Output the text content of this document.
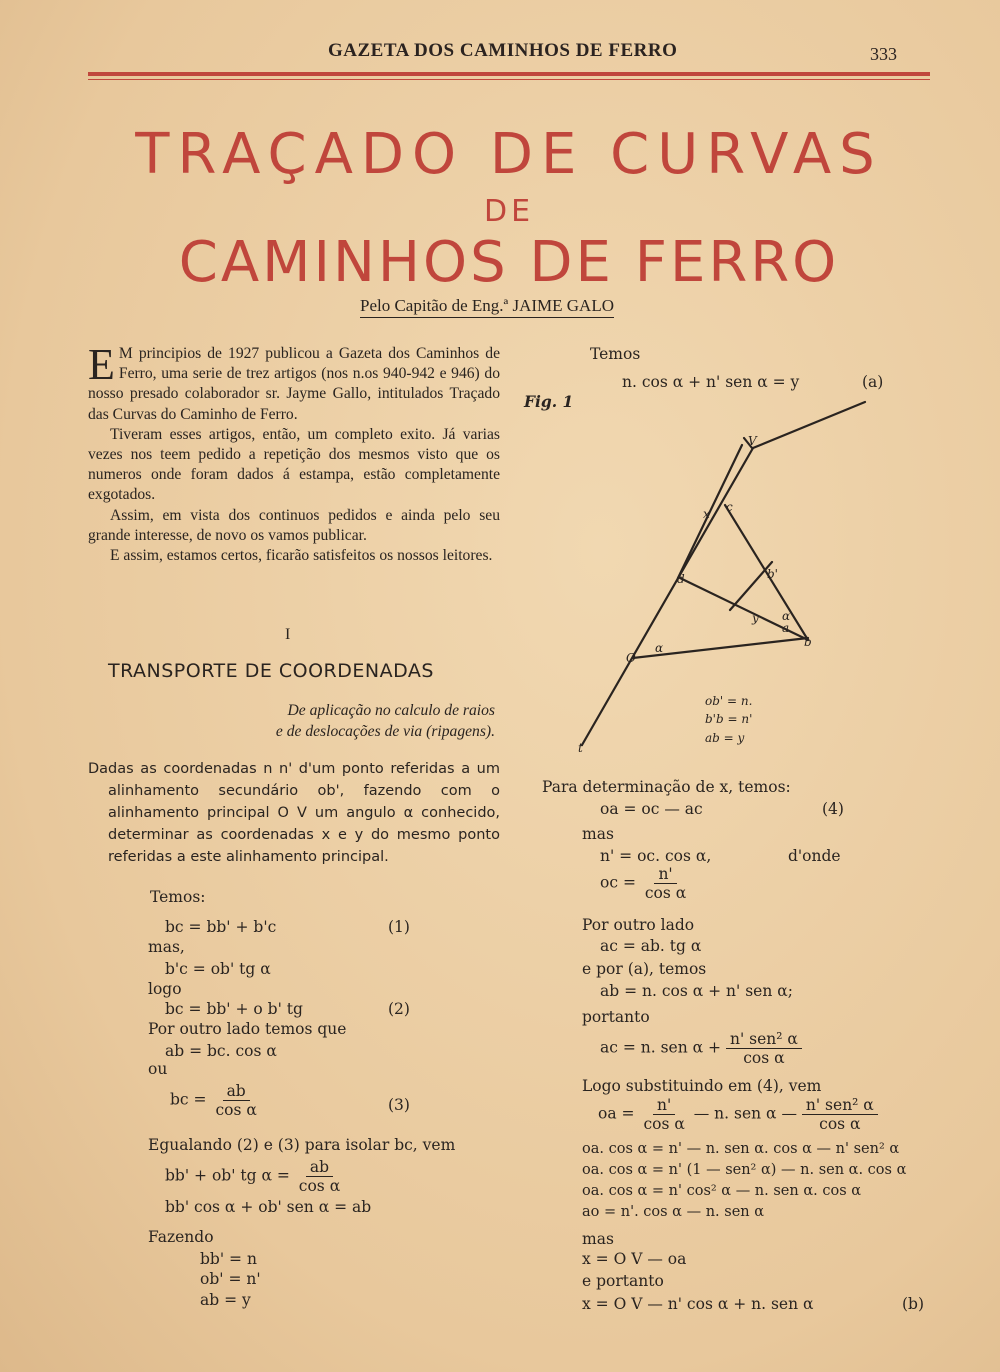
GAZETA DOS CAMINHOS DE FERRO	333
TRAÇADO DE CURVAS
DE
CAMINHOS DE FERRO
Pelo Capitão de Eng.ª JAIME GALO
E M principios de 1927 publicou a Gazeta dos Caminhos de Ferro, uma serie de trez artigos (nos n.os 940-942 e 946) do nosso presado colaborador sr. Jayme Gallo, intitulados Traçado das Curvas do Caminho de Ferro.

Tiveram esses artigos, então, um completo exito. Já varias vezes nos teem pedido a repetição dos mesmos visto que os numeros onde foram dados á estampa, estão completamente exgotados.

Assim, em vista dos continuos pedidos e ainda pelo seu grande interesse, de novo os vamos publicar.

E assim, estamos certos, ficarão satisfeitos os nossos leitores.

I
TRANSPORTE DE COORDENADAS
De aplicação no calculo de raios
e de deslocações de via (ripagens).
Dadas as coordenadas n n' d'um ponto referidas a um alinhamento secundário ob', fazendo com o alinhamento principal O V um angulo α conhecido, determinar as coordenadas x e y do mesmo ponto referidas a este alinhamento principal.
Temos:
bc = bb' + b'c	(1)
mas,
b'c = ob' tg α
logo
bc = bb' + o b' tg	(2)
Por outro lado temos que
ab = bc. cos α
ou
bc = $\frac{ab}{\text{cos α}}$	(3)
Egualando (2) e (3) para isolar bc, vem
bb' + ob' tg $\alpha = \frac{ab}{\text{cos α}}$
bb' cos α + ob' sen α = ab
Fazendo
bb' = n
ob' = n'
ab = y
Temos
n. cos α + n' sen α = y	(a)
Fig. 1
V
c
x
d	b'
y
a
b
O
α
α
t
ob' = n.
b'b = n'
ab = y
Para determinação de x, temos:
oa = oc — ac	(4)
mas
n' = oc. cos α,	d'onde
oc = $\frac{n'}{\text{cos α}}$
Por outro lado
ac = ab. tg α
e por (a), temos
ab = n. cos α + n' sen α;
portanto
ac = n. sen $\alpha + \frac{\text{n' sen² α}}{\text{cos α}}$
Logo substituindo em (4), vem
oa = $\frac{n'}{\text{cos α}}$ — n. sen α — $\frac{\text{n' sen² α}}{\text{cos α}}$
oa. cos α = n' — n. sen α. cos α — n' sen² α
oa. cos α = n' (1 — sen² α) — n. sen α. cos α
oa. cos α = n' cos² α — n. sen α. cos α
ao = n'. cos α — n. sen α
mas
x = O V — oa
e portanto
x = O V — n' cos α + n. sen α	(b)
